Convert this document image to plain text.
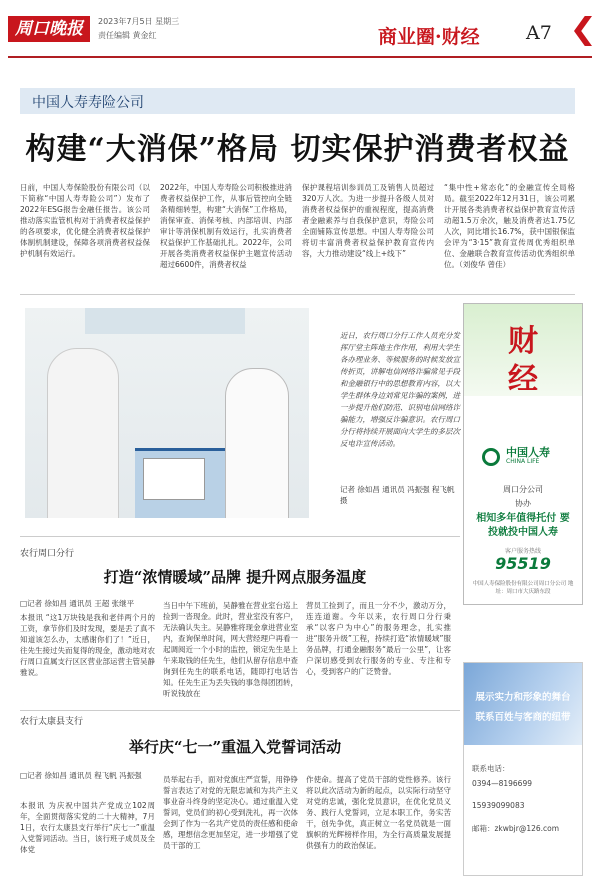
周口晚报	2023年7月5日 星期三
责任编辑 黄金红	商业圈·财经 A7
中国人寿寿险公司
构建“大消保”格局 切实保护消费者权益
日前，中国人寿保险股份有限公司（以下简称“中国人寿寿险公司”）发布了2022年ESG报告金融任报告。该公司推动落实监管机构对于消费者权益保护的各项要求，优化健全消费者权益保护体制机制建设，保障各项消费者权益保护机制有效运行。
2022年，中国人寿寿险公司积极推进消费者权益保护工作，从事后管控向全链条精细转型，构建“大消保”工作格局，消保审查、消保考核、内部培训、内部审计等消保机制有效运行，扎实消费者权益保护工作基础扎扎。2022年，公司开展各类消费者权益保护主题宣传活动超过6600件，消费者权益
保护课程培训参训员工及销售人员超过320万人次。为进一步提升各级人员对消费者权益保护的重视程度，提高消费者金融素养与自我保护意识，寿险公司全面铺陈宣传思想。中国人寿寿险公司将切丰富消费者权益保护教育宣传内容，大力推动建设“线上+线下”
“集中性+常态化”的金融宣传全局格局。截至2022年12月31日，该公司累计开展各类消费者权益保护教育宣传活动超1.5万余次，触及消费者达1.75亿人次，同比增长16.7%，获中国银保监会评为“3·15”教育宣传周优秀组织单位、金融联合教育宣传活动优秀组织单位。（刘俊华 曾佳）
近日，农行周口分行工作人员充分发挥厅堂主阵地主作作用，利用大学生各办理业务、等候服务的时候发放宣传折页，讲解电信网络诈骗常见手段和金融银行中的思想教育内容，以大学生群体身边刘常见诈骗的案例，进一步提升他们防范、识别电信网络诈骗能力，增强反诈骗意识。农行周口分行将持续开展面向大学生的多层次反电诈宣传活动。
记者 徐如昌 通讯员 冯振强 程飞帆 摄
财
经
中国人寿
CHINA LIFE
周口分公司
协办
相知多年值得托付 要投就投中国人寿
客户服务热线
95519
中国人寿保险股份有限公司周口分公司 地址：周口市大庆路东段
农行周口分行
打造“浓情暖域”品牌 提升网点服务温度
□记者 徐如昌 通讯员 王超 张继平
本报讯 “这1万块钱是我和老伴两个月的工资，拿节你们及时发现，要是丢了真不知道该怎么办，太感谢你们了！”近日，往先生接过失而复得的现金，激动地对农行周口直属支行区区营业部运营主管吴静雅说。
当日中午下班前，吴静雅在营业室台巡上捡到一沓现金。此时，营业室没有客户，无法确认失主。吴静雅将现金拿进营业室内，查询保单时间，网大营经理户再看一起调阅近一个小时的监控，锁定先生是上午来取钱的任先生，他们从留存信息中查询到任先生的联系电话，随即打电话告知。任先生正为丢失钱的事急得团团转，听说钱放在
营员工捡到了，而且一分不少，激动万分，连连道谢。今年以来，农行周口分行秉承“以客户为中心”的服务理念，扎实推进“服务升级”工程，持续打造“浓情暖域”服务品牌，打通金融服务“最后一公里”，让客户深切感受到农行服务的专业、专注和专心，受到客户的广泛赞誉。
农行太康县支行
举行庆“七一”重温入党誓词活动
□记者 徐如昌 通讯员 程飞帆 冯振强
本报讯 为庆祝中国共产党成立102周年，全面贯彻落实党的二十大精神，7月1日，农行太康县支行举行“庆七一”重温入党誓词活动。当日，该行班子成员及全体党
员举起右手，面对党旗庄严宣誓，用铮铮誓言表达了对党的无限忠诚和为共产主义事业奋斗终身的坚定决心。通过重温入党誓词，党员们的初心受到洗礼，再一次体会到了作为一名共产党员的责任感和使命感，理想信念更加坚定，进一步增强了党员干部的工
作使命。提高了党员干部的党性修养。该行将以此次活动为新的起点，以实际行动坚守对党的忠诚，强化党员意识，在优化党员义务、践行人党誓词，立足本职工作，务实苦干，创先争优，真正树立一名党员就是一面旗帜的光辉榜样作用，为全行高质量发展提供强有力的政治保证。
展示实力和形象的舞台
联系百姓与客商的纽带
联系电话：
0394—8196699
15939099083
邮箱：zkwbjr@126.com
